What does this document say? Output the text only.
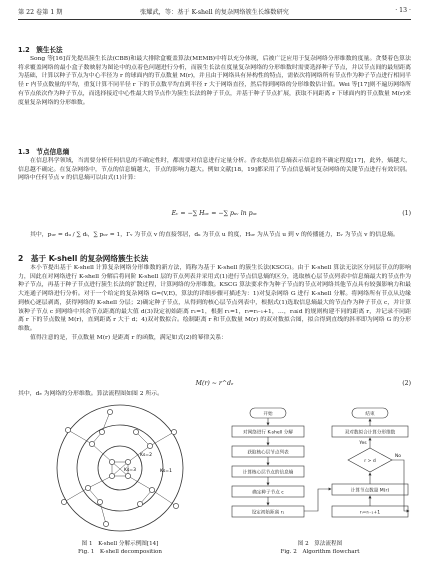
第 22 卷第 1 期	张耀武，等：基于 K-shell 的复杂网络簇生长维数研究	· 13 ·
1.2　簇生长法
Song 等[16]首先提出簇生长法(CBB)和最大排除盒覆盖算法(MEMB)中将以充分体现，后被广泛应用于复杂网络分形维数的度量。贪婪着色算法将求覆盖网络的最小盒子数映射为图论中的点着色问题进行分析，而簇生长法在度量复杂网络的分形维数时需要选择种子节点，并以节点间的最短距离为基础，计算以种子节点为中心半径为 r 的球面内的节点数量 M(r)，并且由于网络具有异构性的特点，需依次将网络所有节点作为种子节点进行相同半径 r 内节点数量的平均，重复计算不同半径 r 下的节点数平均直到半径 r 大于网络直径，然后得到网络的分形维数估计值。Wei 等[17]则不遍历网络所有节点依次作为种子节点，而选择接近中心性最大的节点作为簇生长法的种子节点，并基于种子节点扩展，获取不同距离 r 下球面内的节点数量 M(r)来度量复杂网络的分形维数。
1.3　节点信息熵
在信息科学领域，当需要分析任何信息的不确定性时，都需要对信息进行定量分析。香农提出信息熵表示信息的不确定程度[17]，此外，熵越大，信息越不确定。在复杂网络中，节点的信息熵越大，节点的影响力越大。例如文献[18，19]都采用了节点信息熵对复杂网络的关键节点进行有效识别。网络中任何节点 v 的信息熵可以由式(1)计算：
Eᵥ = −∑ Hᵤᵥ = −∑ pᵤᵥ ln pᵤᵥ	(1)
其中，pᵤᵥ = dᵤ / ∑ dᵢ，∑ pᵤᵥ = 1，Γᵥ 为节点 v 的直接邻居，dᵤ 为节点 u 的度，Hᵤᵥ 为从节点 u 到 v 的传播能力，Eᵥ 为节点 v 的信息熵。
2　基于 K-shell 的复杂网络簇生长法
本小节提出基于 K-shell 计算复杂网络分形维数的新方法，简称为基于 K-shell 的簇生长法(KSCG)。由于 K-shell 算法无法区分同层节点的影响力，因此在对网络进行 K-shell 分解后将同阶 K-shell 层的节点列表并采用式(1)进行节点信息熵的区分，选取核心层节点列表中信息熵最大的节点作为种子节点，再基于种子节点进行簇生长法的扩散过程，计算网络的分形维数。KSCG 算法要求作为种子节点的节点对网络其他节点具有较强影响力和最大连通子网络进行分析。对于一个给定的复杂网络 G=(V,E)，算法的详细步骤可描述为：1)对复杂网络 G 进行 K-shell 分解。将网络所有节点从边缘到核心逐层剥离，获得网络的 K-shell 分层；2)确定种子节点，从得到的核心层节点列表中，根据式(1)选取信息熵最大的节点作为种子节点 c，并计算该种子节点 c 到网络中其余节点距离的最大值 d(3)设定初始距离 r₁=1，根据 r₁=1，rᵢ=rᵢ₋₁+1，…，rᵢ≤d 的规则构建不同的距离 r，并记录不同距离 r 下的节点数量 M(r)，直到距离 r 大于 d；4)双对数拟合。绘制距离 r 和节点数量 M(r) 的双对数拟合图，拟合得到直线的斜率即为网络 G 的分形维数。
值得注意的是，节点数量 M(r) 是距离 r 的函数，满足如式(2)的幂律关系：
M(r) ~ r^dₑ	(2)
其中，dₑ 为网络的分形维数。算法流程图如图 2 所示。
Ks=3
Ks=2
Ks=1
图 1　K-shell 分解示例图[14]
Fig. 1　K-shell decomposition
开始
对网络进行 K-shell 分解
获取核心层节点列表
计算核心层节点的信息熵
确定种子节点 c
设定初始距离 r₁
结束
双对数拟合计算分形维数
r > d
计算节点数量 M(r)
rᵢ=rᵢ₋₁+1
Yes
No
图 2　算法流程图
Fig. 2　Algorithm flowchart
